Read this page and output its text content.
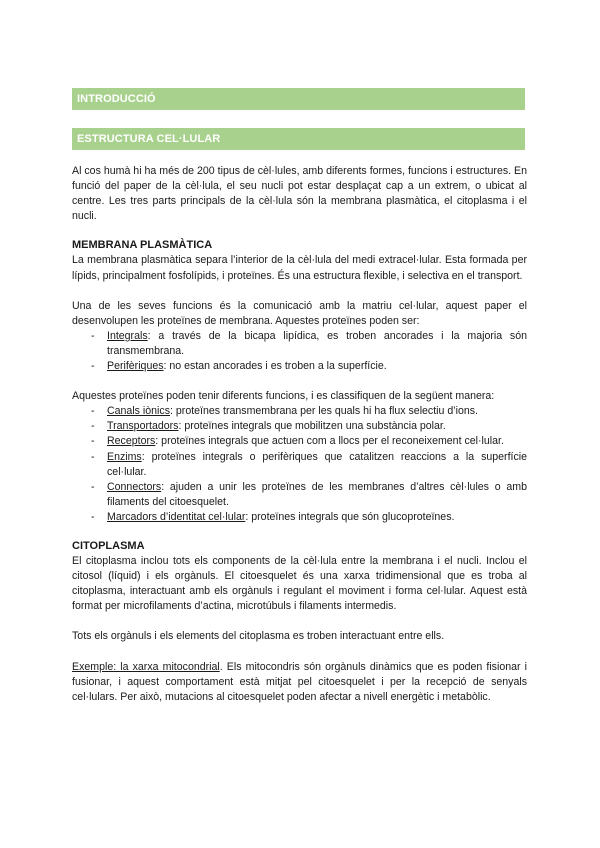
INTRODUCCIÓ
ESTRUCTURA CEL·LULAR

Al cos humà hi ha més de 200 tipus de cèl·lules, amb diferents formes, funcions i estructures. En funció del paper de la cèl·lula, el seu nucli pot estar desplaçat cap a un extrem, o ubicat al centre. Les tres parts principals de la cèl·lula són la membrana plasmàtica, el citoplasma i el nucli.

MEMBRANA PLASMÀTICA

La membrana plasmàtica separa l’interior de la cèl·lula del medi extracel·lular. Esta formada per lípids, principalment fosfolípids, i proteïnes. És una estructura flexible, i selectiva en el transport.

Una de les seves funcions és la comunicació amb la matriu cel·lular, aquest paper el desenvolupen les proteïnes de membrana. Aquestes proteïnes poden ser:

- Integrals: a través de la bicapa lipídica, es troben ancorades i la majoria són transmembrana.
- Perifèriques: no estan ancorades i es troben a la superfície.

Aquestes proteïnes poden tenir diferents funcions, i es classifiquen de la següent manera:

- Canals iònics: proteïnes transmembrana per les quals hi ha flux selectiu d’ions.
- Transportadors: proteïnes integrals que mobilitzen una substància polar.
- Receptors: proteïnes integrals que actuen com a llocs per el reconeixement cel·lular.
- Enzims: proteïnes integrals o perifèriques que catalitzen reaccions a la superfície cel·lular.
- Connectors: ajuden a unir les proteïnes de les membranes d’altres cèl·lules o amb filaments del citoesquelet.
- Marcadors d’identitat cel·lular: proteïnes integrals que són glucoproteïnes.
CITOPLASMA

El citoplasma inclou tots els components de la cèl·lula entre la membrana i el nucli. Inclou el citosol (líquid) i els orgànuls. El citoesquelet és una xarxa tridimensional que es troba al citoplasma, interactuant amb els orgànuls i regulant el moviment i forma cel·lular. Aquest està format per microfilaments d’actina, microtúbuls i filaments intermedis.

Tots els orgànuls i els elements del citoplasma es troben interactuant entre ells.

Exemple: la xarxa mitocondrial. Els mitocondris són orgànuls dinàmics que es poden fisionar i fusionar, i aquest comportament està mitjat pel citoesquelet i per la recepció de senyals cel·lulars. Per això, mutacions al citoesquelet poden afectar a nivell energètic i metabòlic.
